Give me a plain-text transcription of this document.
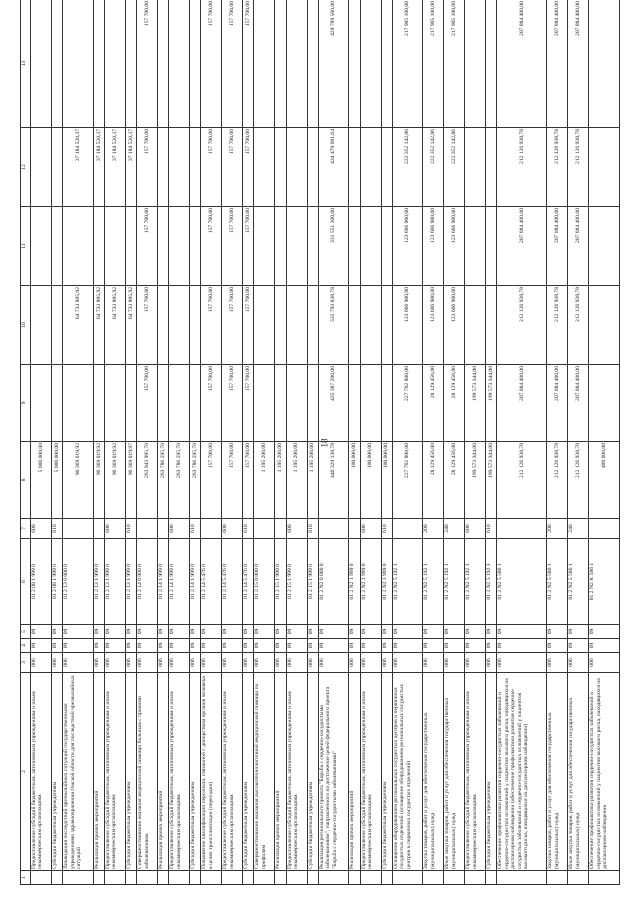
18
1	2	3	4	5	6	7	8	9	10	11	12	13
	Предоставление субсидий бюджетным, автономным учреждениям и иным некоммерческим организациям	006	09	09	01 2 08 1 999 0	600	5 000 000,00					
	Субсидии бюджетным учреждениям	006	09	09	01 2 08 1 999 0	610	5 000 000,00					
	Ликвидация последствий чрезвычайных ситуаций государственными учреждениями здравоохранения Омской области для последствий чрезвычайных ситуаций	006	09	09	01 2 13 0 000 0		90 369 019,92		64 733 885,92		37 184 520,37	
	Реализация прочих мероприятий	006	09	09	01 2 13 1 999 0		90 369 019,92		64 733 885,92		37 184 520,37	
	Предоставление субсидий бюджетным, автономным учреждениям и иным некоммерческим организациям	006	09	09	01 2 13 1 999 0	600	90 369 019,92		64 733 885,92		37 184 520,37	
	Субсидии бюджетным учреждениям	006	09	09	01 2 13 1 999 0	610	90 369 019,97		64 733 885,92		37 184 520,37	
	Совершенствование оказания медицинской помощи больным с прочими заболеваниями	006	09	09	01 2 14 0 000 0		263 943 995,70	157 700,00	157 700,00	157 700,00	157 700,00	157 700,00
	Реализация прочих мероприятий	006	09	09	01 2 14 1 999 0		263 786 295,70					
	Предоставление субсидий бюджетным, автономным учреждениям и иным некоммерческим организациям	006	09	09	01 2 14 1 999 0	600	263 786 295,70					
	Субсидии бюджетным учреждениям	006	09	09	01 2 14 1 999 0	610	263 786 295,70					
	Повышение квалификации персонала, связанной с донорством органов человека в целях трансплантации (пересадки)	006	09	09	01 2 14 5 476 0		157 700,00	157 700,00	157 700,00	157 700,00	157 700,00	157 700,00
	Предоставление субсидий бюджетным, автономным учреждениям и иным некоммерческим организациям	006	09	09	01 2 14 5 476 0	600	157 700,00	157 700,00	157 700,00	157 700,00	157 700,00	157 700,00
	Субсидии бюджетным учреждениям	006	09	09	01 2 14 5 476 0	610	157 700,00	157 700,00	157 700,00	157 700,00	157 700,00	157 700,00
	Совершенствование оказания высокотехнологичной медицинской помощи по профилям	006	09	09	01 2 15 0 000 0		1 195 200,00					
	Реализация прочих мероприятий	006	09	09	01 2 15 1 999 0		1 195 200,00					
	Предоставление субсидий бюджетным, автономным учреждениям и иным некоммерческим организациям	006	09	09	01 2 15 1 999 0	600	1 195 200,00					
	Субсидии бюджетным учреждениям	006	09	09	01 2 15 1 999 0	610	1 195 200,00					
	Реализация регионального проекта "Борьба с сердечно-сосудистыми заболеваниями", направленного на достижение целей федерального проекта "Борьба с сердечно-сосудистыми заболеваниями"	006	09	09	01 2 N2 0 000 0		440 329 138,78	435 387 200,00	335 793 838,78	331 551 300,00	434 479 081,64	429 789 500,00
	Реализация прочих мероприятий	006	09	09	01 2 N2 1 999 0		100 000,00					
	Предоставление субсидий бюджетным, автономным учреждениям и иным некоммерческим организациям	006	09	09	01 2 N2 1 999 0	600	100 000,00					
	Субсидии бюджетным учреждениям	006	09	09	01 2 N2 1 999 0	610	100 000,00					
	Оснащение оборудованием региональных сосудистых центров и первичных сосудистых отделений (оснащение оборудованием региональных сосудистых центров и первичных сосудистых отделений)	006	09	09	01 2 N2 5 192 1		227 702 800,00	227 702 800,00	123 666 900,00	123 666 900,00	222 352 142,86	217 905 100,00
	Закупка товаров, работ и услуг для обеспечения государственных (муниципальных) нужд	006	09	09	01 2 N2 5 192 1	200	28 129 456,00	28 129 456,00	123 666 900,00	123 666 900,00	222 352 142,86	217 905 100,00
	Иные закупки товаров, работ и услуг для обеспечения государственных (муниципальных) нужд	006	09	09	01 2 N2 5 192 1	240	28 129 456,00	28 129 456,00	123 666 900,00	123 666 900,00	222 352 142,86	217 905 100,00
	Предоставление субсидий бюджетным, автономным учреждениям и иным некоммерческим организациям	006	09	09	01 2 N2 5 192 1	600	199 573 344,00	199 573 344,00				
	Субсидии бюджетным учреждениям	006	09	09	01 2 N2 5 192 1	610	199 573 344,00	199 573 344,00				
	Обеспечение профилактики развития сердечно-сосудистых заболеваний и сердечно-сосудистых осложнений у пациентов высокого риска, находящихся на диспансерном наблюдении (обеспечение профилактики развития сердечно-сосудистых заболеваний и сердечно-сосудистых осложнений у пациентов высокого риска, находящихся на диспансерном наблюдении)	006	09	09	01 2 N2 5 586 1		212 126 938,78	207 884 400,00	212 126 938,78	207 884 400,00	212 126 938,78	207 884 400,00
	Закупка товаров, работ и услуг для обеспечения государственных (муниципальных) нужд	006	09	09	01 2 N2 5 586 1	200	212 126 938,78	207 884 400,00	212 126 938,78	207 884 400,00	212 126 938,78	207 884 400,00
	Иные закупки товаров, работ и услуг для обеспечения государственных (муниципальных) нужд	006	09	09	01 2 N2 5 586 1	240	212 126 938,78	207 884 400,00	212 126 938,78	207 884 400,00	212 126 938,78	207 884 400,00
	Обеспечение профилактики развития сердечно-сосудистых заболеваний и сердечно-сосудистых осложнений у пациентов высокого риска, находящихся на диспансерном наблюдении	006	09	09	01 2 N2 K 586 1		400 000,00					
